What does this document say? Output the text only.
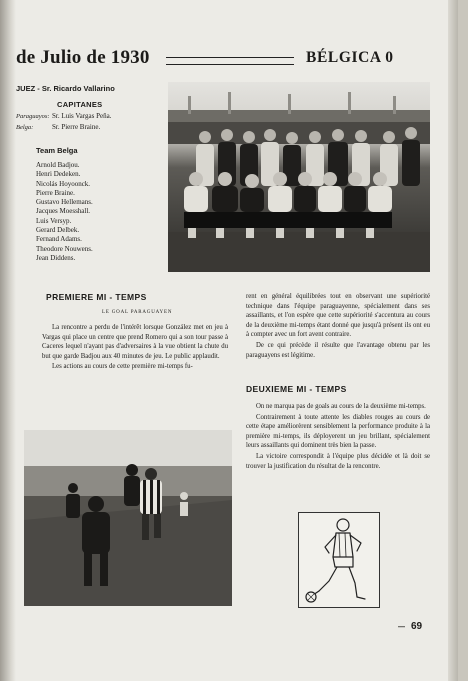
de Julio de 1930	BÉLGICA 0
JUEZ - Sr. Ricardo Vallarino
CAPITANES
Paraguayos: Sr. Luis Vargas Peña.
Belga:	Sr. Pierre Braine.
Team Belga
Arnold Badjou.
Henri Dedeken.
Nicolás Hoyoonck.
Pierre Braine.
Gustavo Hellemans.
Jacques Moesshall.
Luis Versyp.
Gerard Delbek.
Fernand Adams.
Theodore Nouwens.
Jean Diddens.
PREMIERE MI - TEMPS
LE GOAL PARAGUAYEN

La rencontre a perdu de l'intérêt lorsque González met en jeu à Vargas qui place un centre que prend Romero qui a son tour passe à Caceres lequel n'ayant pas d'adversaires à la vue obtient la chute du but que garde Badjou aux 40 minutes de jeu. Le public applaudit.

Les actions au cours de cette première mi-temps fu-

rent en général équilibrées tout en observant une supériorité technique dans l'équipe paraguayenne, spécialement dans ses assaillants, et l'on espère que cette supériorité s'accentura au cours de la deuxième mi-temps étant donné que jusqu'à présent ils ont eu à compter avec un fort avent contraire.

De ce qui précède il résulte que l'avantage obtenu par les paraguayens est légitime.

DEUXIEME MI - TEMPS

On ne marqua pas de goals au cours de la deuxième mi-temps.

Contrairement à toute attente les diables rouges au cours de cette étape améliorèrent sensiblement la performance produite à la première mi-temps, ils déployerent un jeu brillant, spécialement leurs assaillants qui dominent très bien la passe.

La victoire correspondit à l'équipe plus décidée et là doit se trouver la justification du résultat de la rencontre.

— 69
